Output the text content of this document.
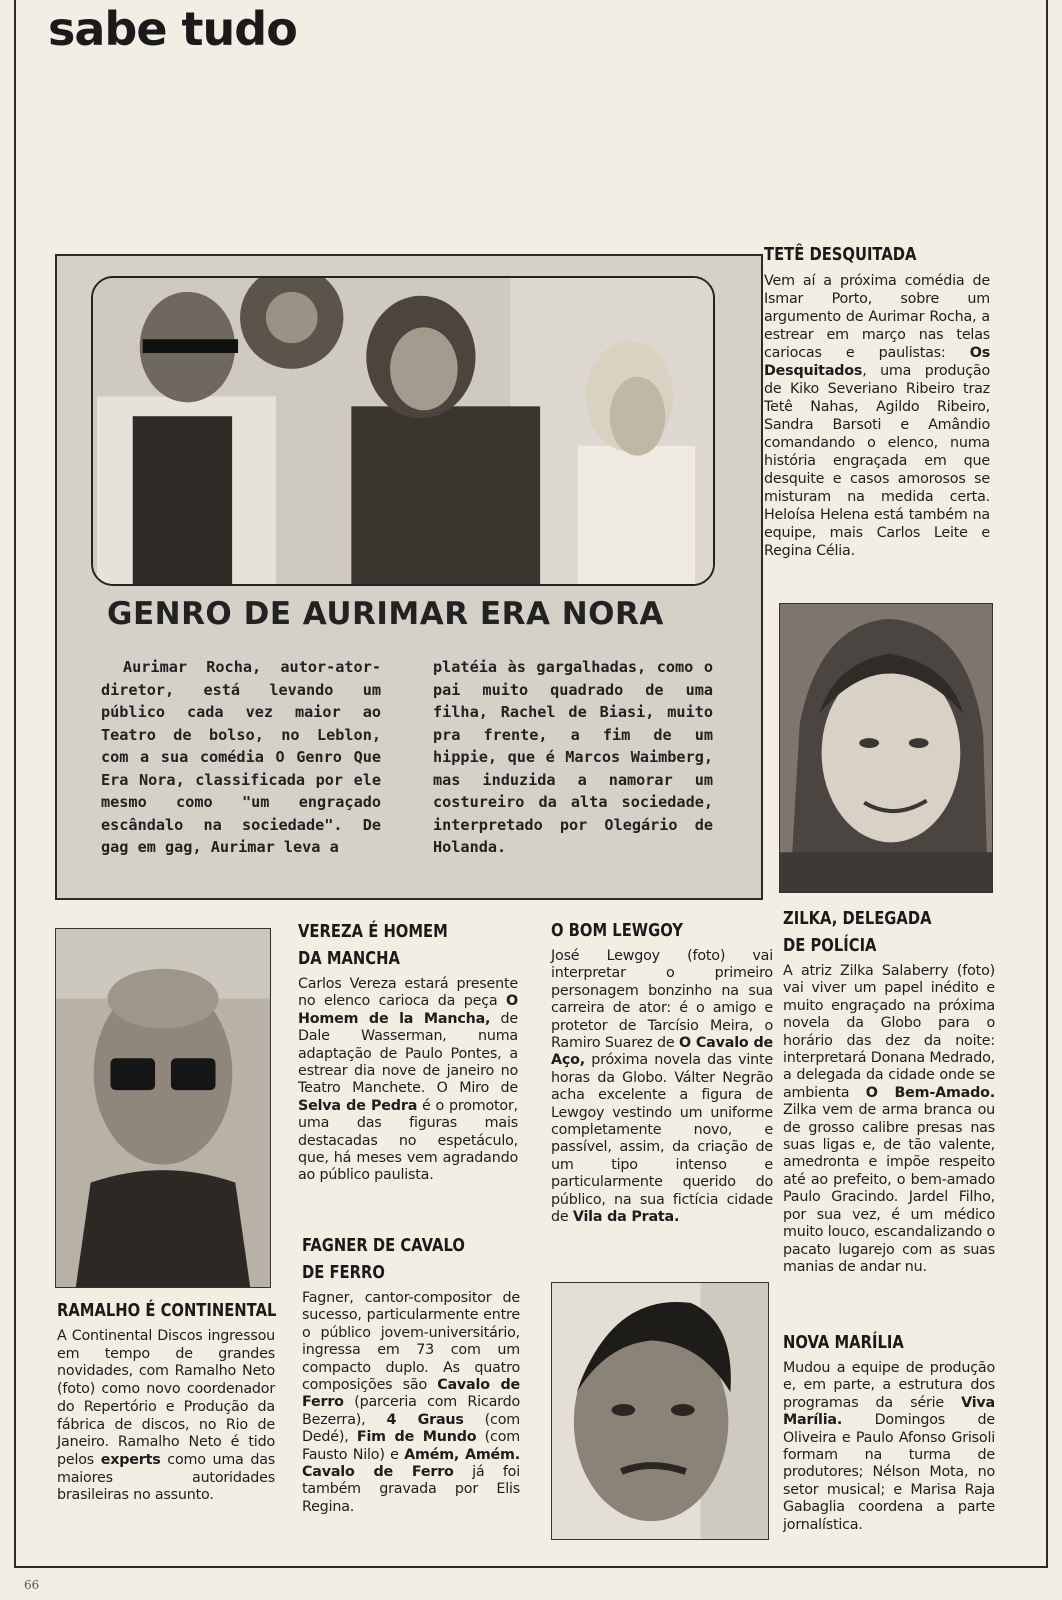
sabe tudo
GENRO DE AURIMAR ERA NORA
Aurimar Rocha, autor-ator-diretor, está levando um público cada vez maior ao Teatro de bolso, no Leblon, com a sua comédia O Genro Que Era Nora, classificada por ele mesmo como "um engraçado escândalo na sociedade". De gag em gag, Aurimar leva a
platéia às gargalhadas, como o pai muito quadrado de uma filha, Rachel de Biasi, muito pra frente, a fim de um hippie, que é Marcos Waimberg, mas induzida a namorar um costureiro da alta sociedade, interpretado por Olegário de Holanda.
TETÊ DESQUITADA
Vem aí a próxima comédia de Ismar Porto, sobre um argumento de Aurimar Rocha, a estrear em março nas telas cariocas e paulistas: Os Desquitados, uma produção de Kiko Severiano Ribeiro traz Tetê Nahas, Agildo Ribeiro, Sandra Barsoti e Amândio comandando o elenco, numa história engraçada em que desquite e casos amorosos se misturam na medida certa. Heloísa Helena está também na equipe, mais Carlos Leite e Regina Célia.
ZILKA, DELEGADA
DE POLÍCIA
A atriz Zilka Salaberry (foto) vai viver um papel inédito e muito engraçado na próxima novela da Globo para o horário das dez da noite: interpretará Donana Medrado, a delegada da cidade onde se ambienta O Bem-Amado. Zilka vem de arma branca ou de grosso calibre presas nas suas ligas e, de tão valente, amedronta e impõe respeito até ao prefeito, o bem-amado Paulo Gracindo. Jardel Filho, por sua vez, é um médico muito louco, escandalizando o pacato lugarejo com as suas manias de andar nu.
NOVA MARÍLIA
Mudou a equipe de produção e, em parte, a estrutura dos programas da série Viva Marília. Domingos de Oliveira e Paulo Afonso Grisoli formam na turma de produtores; Nélson Mota, no setor musical; e Marisa Raja Gabaglia coordena a parte jornalística.
RAMALHO É CONTINENTAL
A Continental Discos ingressou em tempo de grandes novidades, com Ramalho Neto (foto) como novo coordenador do Repertório e Produção da fábrica de discos, no Rio de Janeiro. Ramalho Neto é tido pelos experts como uma das maiores autoridades brasileiras no assunto.
VEREZA É HOMEM
DA MANCHA
Carlos Vereza estará presente no elenco carioca da peça O Homem de la Mancha, de Dale Wasserman, numa adaptação de Paulo Pontes, a estrear dia nove de janeiro no Teatro Manchete. O Miro de Selva de Pedra é o promotor, uma das figuras mais destacadas no espetáculo, que, há meses vem agradando ao público paulista.
FAGNER DE CAVALO
DE FERRO
Fagner, cantor-compositor de sucesso, particularmente entre o público jovem-universitário, ingressa em 73 com um compacto duplo. As quatro composições são Cavalo de Ferro (parceria com Ricardo Bezerra), 4 Graus (com Dedé), Fim de Mundo (com Fausto Nilo) e Amém, Amém. Cavalo de Ferro já foi também gravada por Elis Regina.
O BOM LEWGOY
José Lewgoy (foto) vai interpretar o primeiro personagem bonzinho na sua carreira de ator: é o amigo e protetor de Tarcísio Meira, o Ramiro Suarez de O Cavalo de Aço, próxima novela das vinte horas da Globo. Válter Negrão acha excelente a figura de Lewgoy vestindo um uniforme completamente novo, e passível, assim, da criação de um tipo intenso e particularmente querido do público, na sua fictícia cidade de Vila da Prata.
66
